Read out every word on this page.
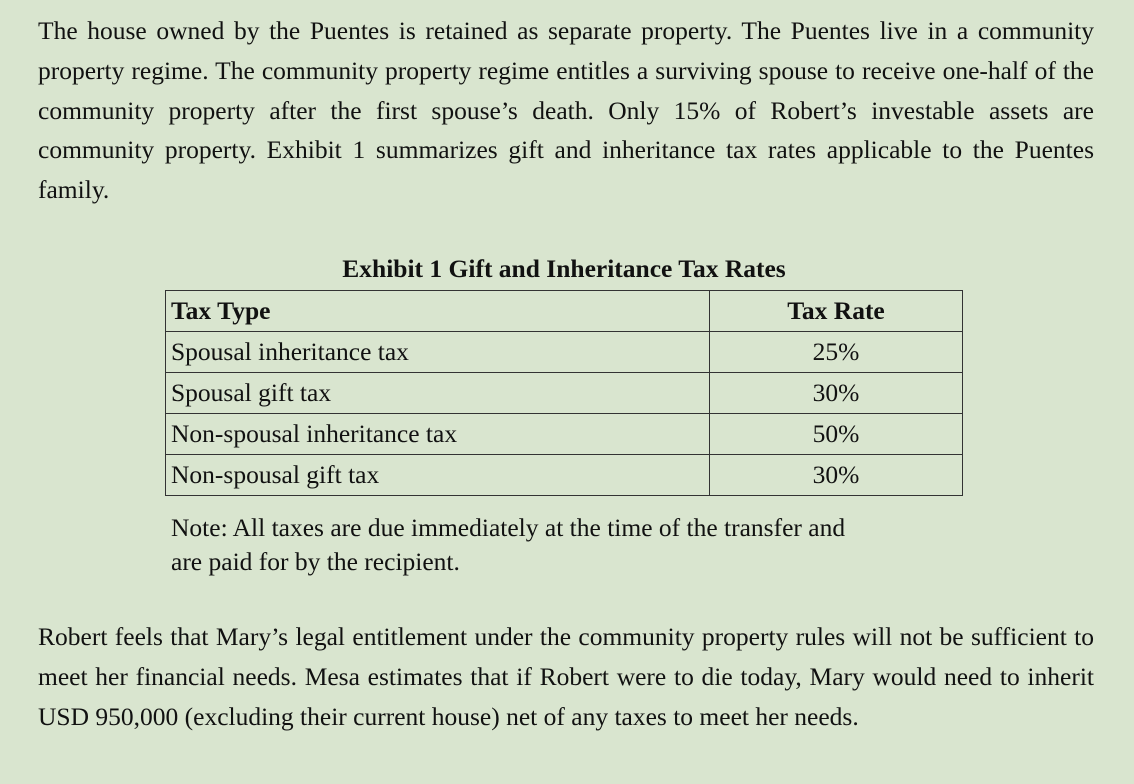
The house owned by the Puentes is retained as separate property. The Puentes live in a community property regime. The community property regime entitles a surviving spouse to receive one-half of the community property after the first spouse’s death. Only 15% of Robert’s investable assets are community property. Exhibit 1 summarizes gift and inheritance tax rates applicable to the Puentes family.

Exhibit 1 Gift and Inheritance Tax Rates
Tax Type	Tax Rate
Spousal inheritance tax	25%
Spousal gift tax	30%
Non-spousal inheritance tax	50%
Non-spousal gift tax	30%
Note: All taxes are due immediately at the time of the transfer and
are paid for by the recipient.

Robert feels that Mary’s legal entitlement under the community property rules will not be sufficient to meet her financial needs. Mesa estimates that if Robert were to die today, Mary would need to inherit USD 950,000 (excluding their current house) net of any taxes to meet her needs.
